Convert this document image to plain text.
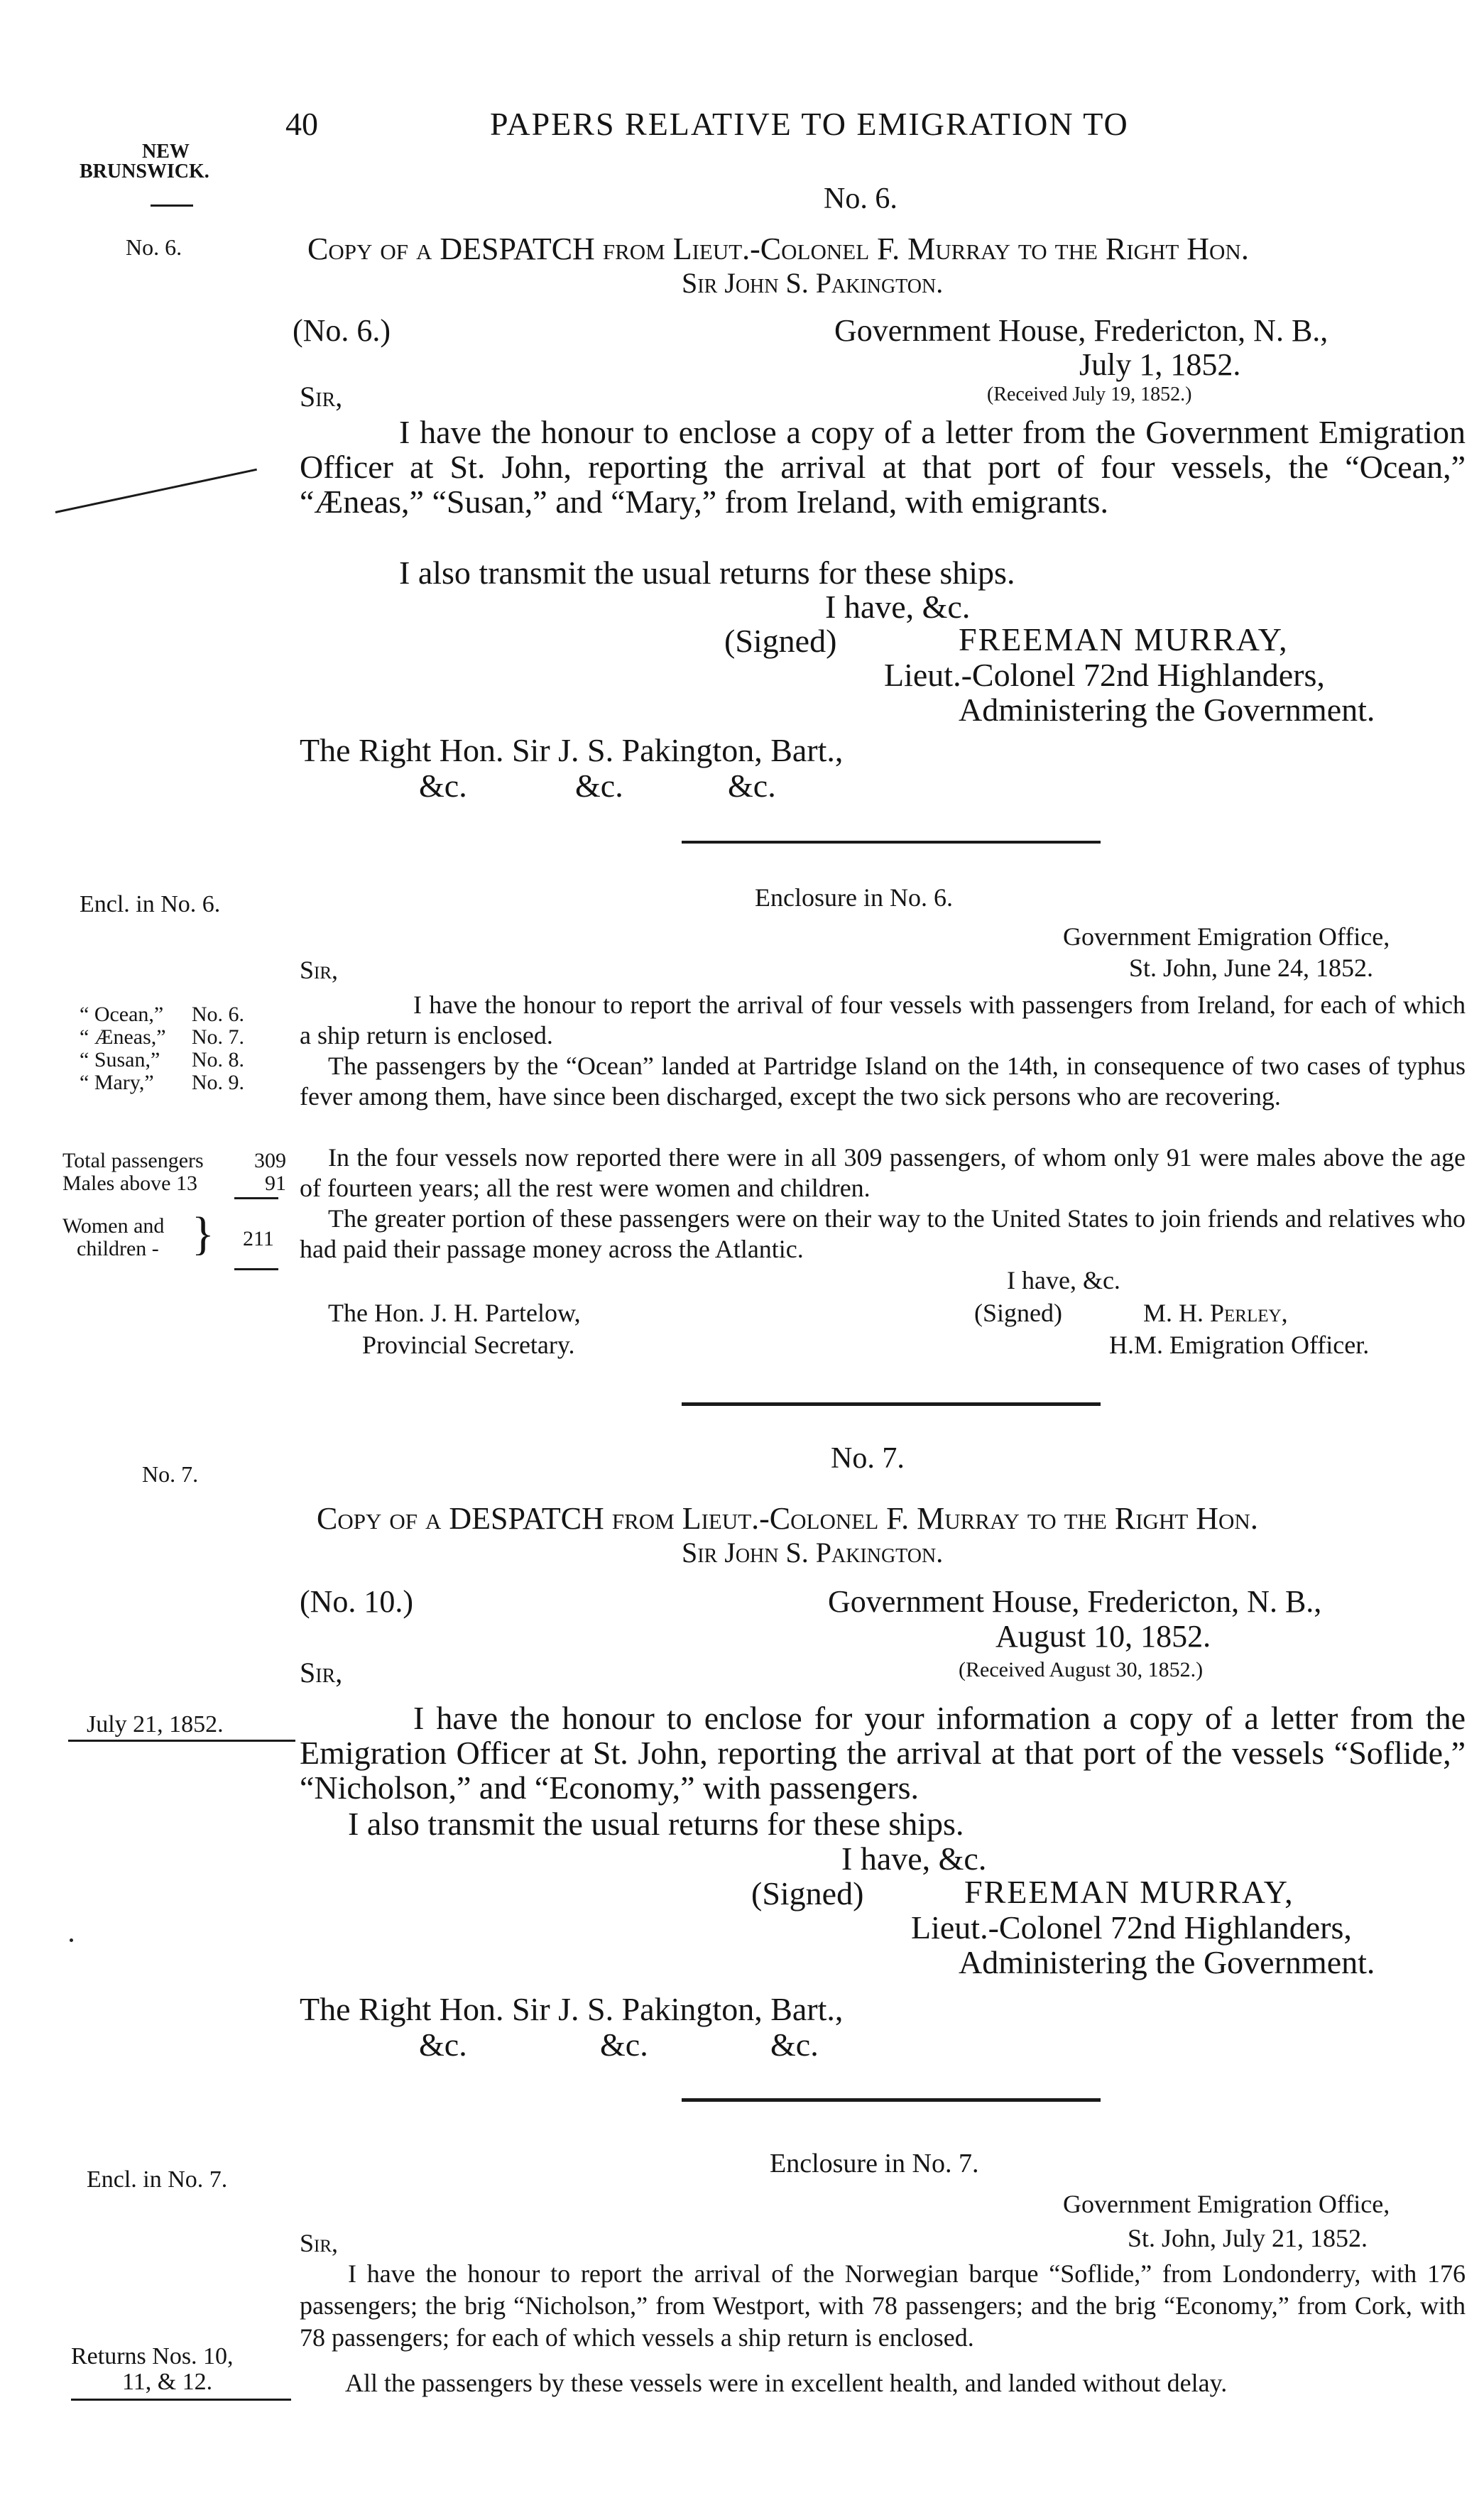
40	PAPERS RELATIVE TO EMIGRATION TO
NEW
BRUNSWICK.
No. 6.
No. 6.
Copy of a DESPATCH from Lieut.-Colonel F. Murray to the Right Hon.
Sir John S. Pakington.
(No. 6.)	Government House, Fredericton, N. B.,
July 1, 1852.
Sir,	(Received July 19, 1852.)
I have the honour to enclose a copy of a letter from the Government Emigration Officer at St. John, reporting the arrival at that port of four vessels, the “Ocean,” “Æneas,” “Susan,” and “Mary,” from Ireland, with emigrants.
I also transmit the usual returns for these ships.
I have, &c.
(Signed)	FREEMAN MURRAY,
Lieut.-Colonel 72nd Highlanders,
Administering the Government.
The Right Hon. Sir J. S. Pakington, Bart.,
&c.	&c.	&c.
Encl. in No. 6.	Enclosure in No. 6.
Government Emigration Office,
St. John, June 24, 1852.
Sir,
“ Ocean,” No. 6.
“ Æneas,” No. 7.
“ Susan,” No. 8.
“ Mary,” No. 9.
Total passengers 309
Males above 13	91
Women and
children - } 211
I have the honour to report the arrival of four vessels with passengers from Ireland, for each of which a ship return is enclosed.
The passengers by the “Ocean” landed at Partridge Island on the 14th, in consequence of two cases of typhus fever among them, have since been discharged, except the two sick persons who are recovering.
In the four vessels now reported there were in all 309 passengers, of whom only 91 were males above the age of fourteen years; all the rest were women and children.
The greater portion of these passengers were on their way to the United States to join friends and relatives who had paid their passage money across the Atlantic.
I have, &c.
The Hon. J. H. Partelow,	(Signed)	M. H. Perley,
Provincial Secretary.	H.M. Emigration Officer.
No. 7.	No. 7.
Copy of a DESPATCH from Lieut.-Colonel F. Murray to the Right Hon.
Sir John S. Pakington.
(No. 10.)	Government House, Fredericton, N. B.,
August 10, 1852.
Sir,	(Received August 30, 1852.)
July 21, 1852.	I have the honour to enclose for your information a copy of a letter from the Emigration Officer at St. John, reporting the arrival at that port of the vessels “Soflide,” “Nicholson,” and “Economy,” with passengers.
I also transmit the usual returns for these ships.
I have, &c.
(Signed)	FREEMAN MURRAY,
Lieut.-Colonel 72nd Highlanders,
Administering the Government.
The Right Hon. Sir J. S. Pakington, Bart.,
&c.	&c.	&c.
Encl. in No. 7.
Enclosure in No. 7.
Government Emigration Office,
St. John, July 21, 1852.
Sir,
I have the honour to report the arrival of the Norwegian barque “Soflide,” from Londonderry, with 176 passengers; the brig “Nicholson,” from Westport, with 78 passengers; and the brig “Economy,” from Cork, with 78 passengers; for each of which vessels a ship return is enclosed.
Returns Nos. 10,
11, & 12.	All the passengers by these vessels were in excellent health, and landed without delay.
